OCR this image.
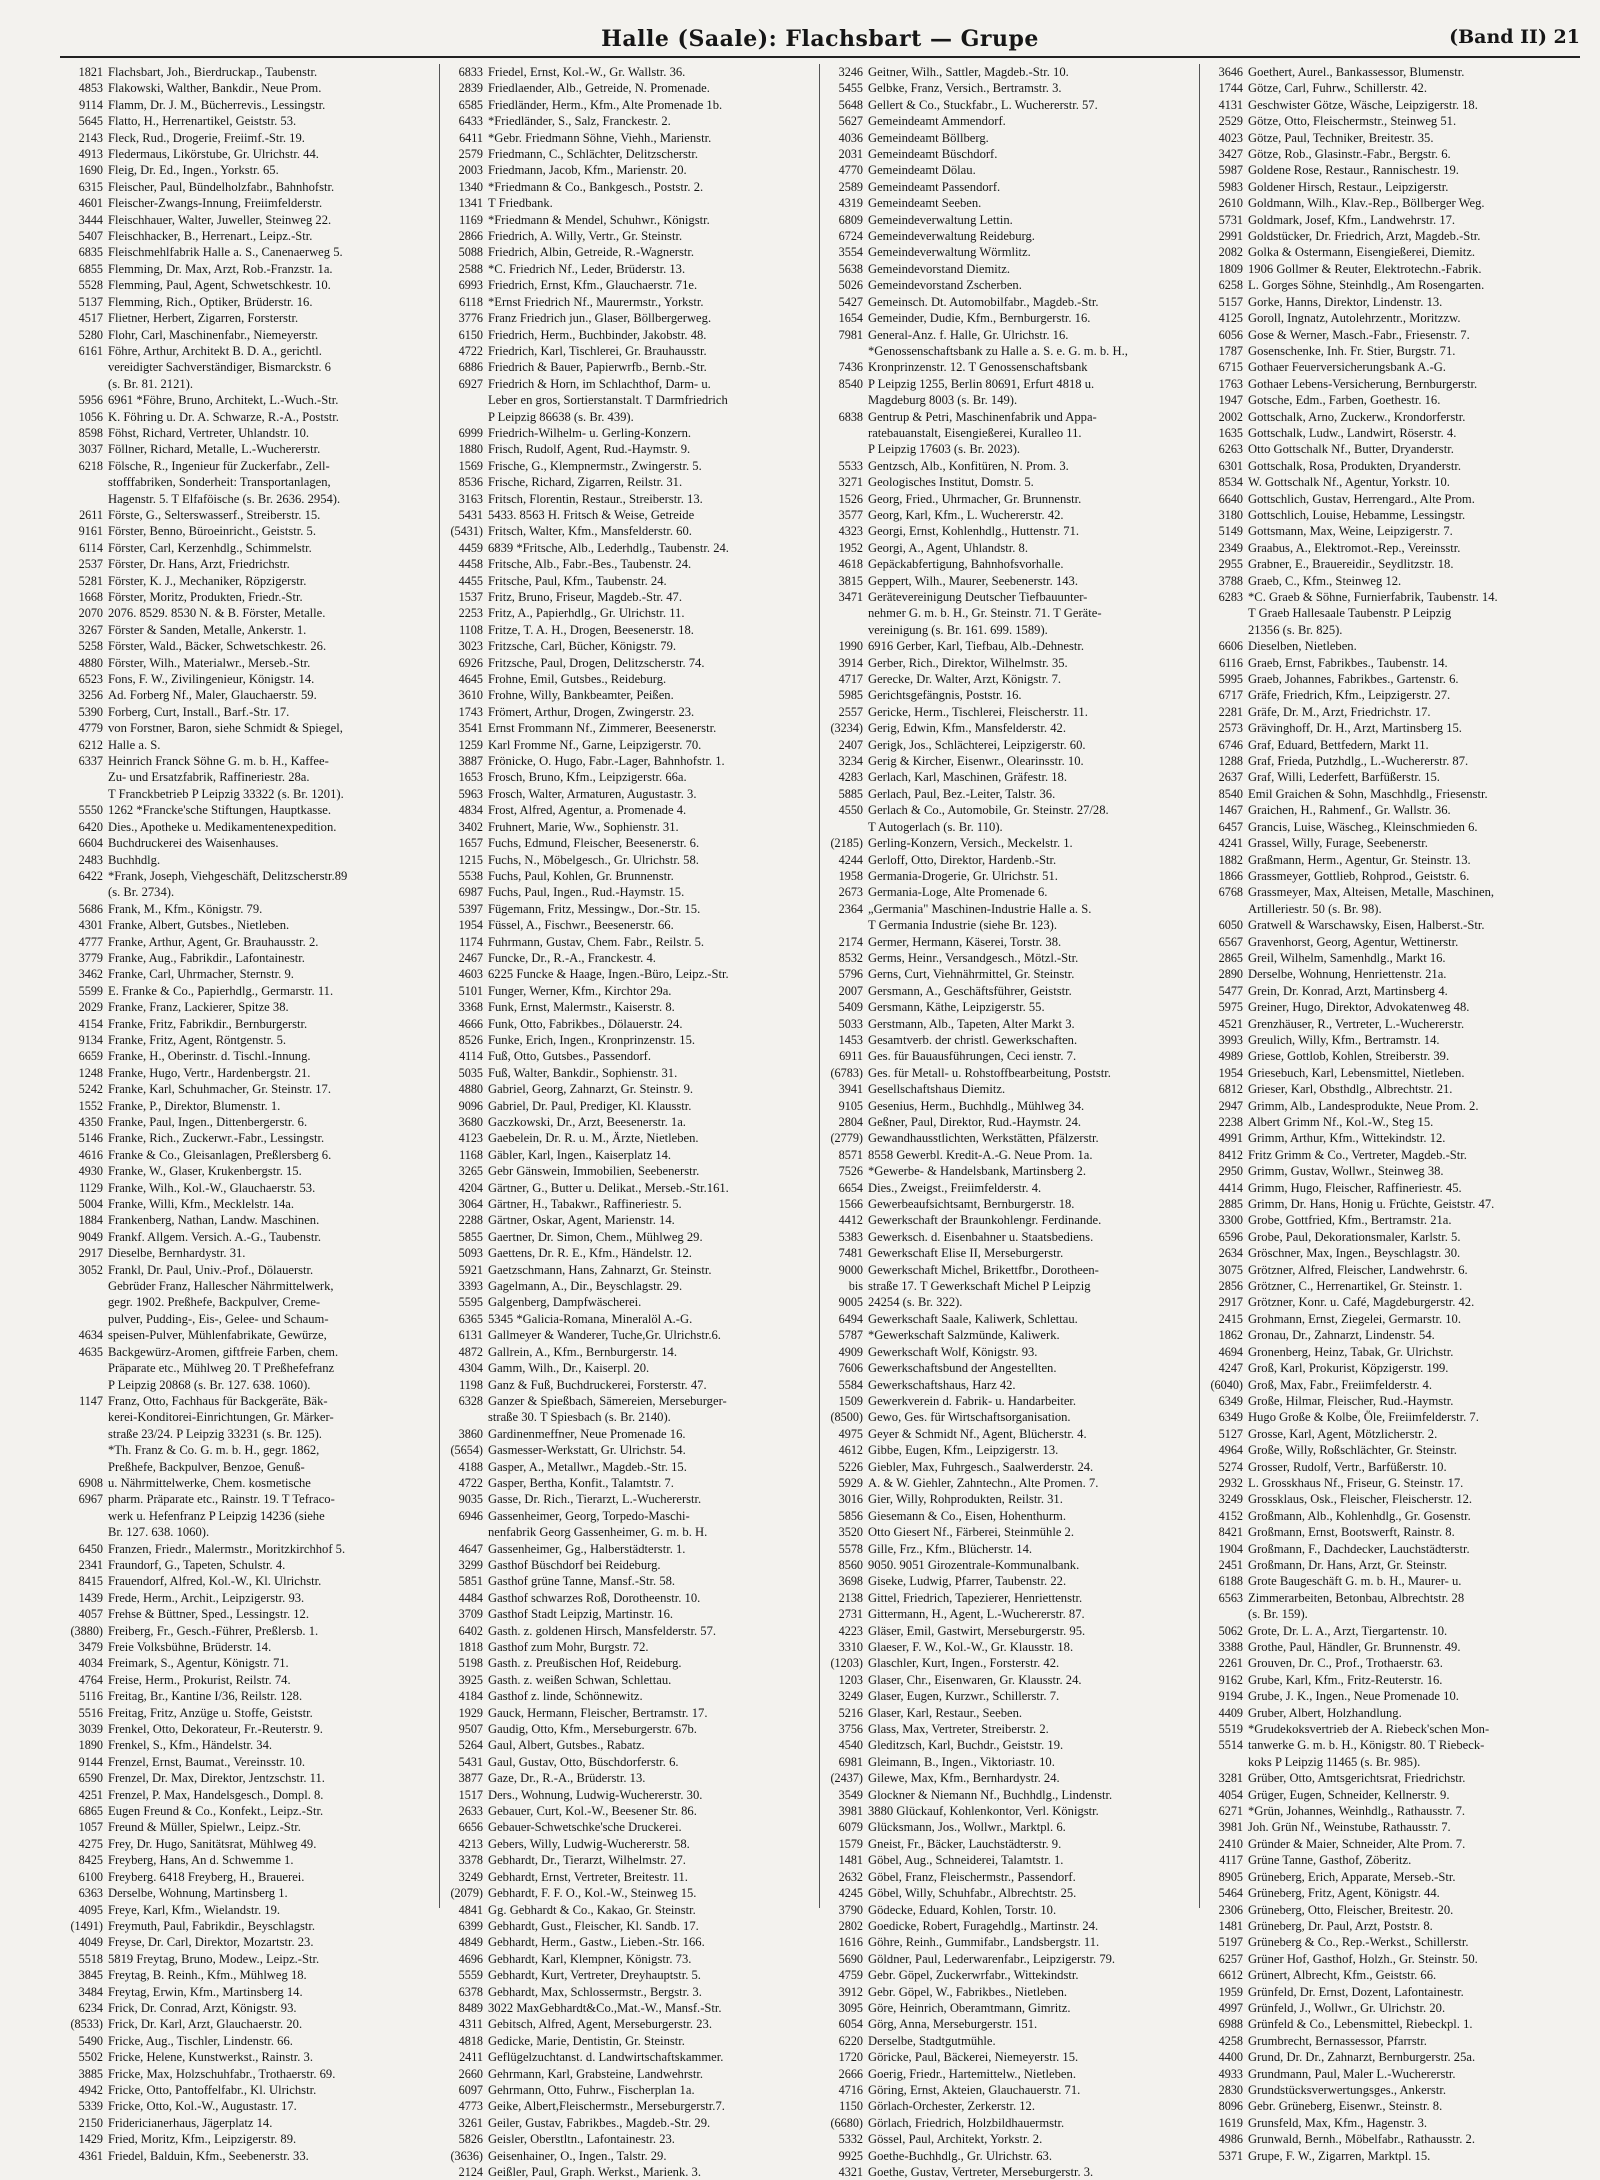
Halle (Saale): Flachsbart — Grupe	(Band II) 21
1821 Flachsbart, Joh., Bierdruckap., Taubenstr.
4853 Flakowski, Walther, Bankdir., Neue Prom.
9114 Flamm, Dr. J. M., Bücherrevis., Lessingstr.
5645 Flatto, H., Herrenartikel, Geiststr. 53.
2143 Fleck, Rud., Drogerie, Freiimf.-Str. 19.
4913 Fledermaus, Likörstube, Gr. Ulrichstr. 44.
1690 Fleig, Dr. Ed., Ingen., Yorkstr. 65.
6315 Fleischer, Paul, Bündelholzfabr., Bahnhofstr.
4601 Fleischer-Zwangs-Innung, Freiimfelderstr.
3444 Fleischhauer, Walter, Juweller, Steinweg 22.
5407 Fleischhacker, B., Herrenart., Leipz.-Str.
6835 Fleischmehlfabrik Halle a. S., Canenaerweg 5.
6855 Flemming, Dr. Max, Arzt, Rob.-Franzstr. 1a.
5528 Flemming, Paul, Agent, Schwetschkestr. 10.
5137 Flemming, Rich., Optiker, Brüderstr. 16.
4517 Flietner, Herbert, Zigarren, Forsterstr.
5280 Flohr, Carl, Maschinenfabr., Niemeyerstr.
6161 Föhre, Arthur, Architekt B. D. A., gerichtl.
vereidigter Sachverständiger, Bismarckstr. 6
(s. Br. 81. 2121).
5956 6961 *Föhre, Bruno, Architekt, L.-Wuch.-Str.
1056 K. Föhring u. Dr. A. Schwarze, R.-A., Poststr.
8598 Föhst, Richard, Vertreter, Uhlandstr. 10.
3037 Föllner, Richard, Metalle, L.-Wuchererstr.
6218 Fölsche, R., Ingenieur für Zuckerfabr., Zell-
stofffabriken, Sonderheit: Transportanlagen,
Hagenstr. 5. T Elfaföische (s. Br. 2636. 2954).
2611 Förste, G., Selterswasserf., Streiberstr. 15.
9161 Förster, Benno, Büroeinricht., Geiststr. 5.
6114 Förster, Carl, Kerzenhdlg., Schimmelstr.
2537 Förster, Dr. Hans, Arzt, Friedrichstr.
5281 Förster, K. J., Mechaniker, Röpzigerstr.
1668 Förster, Moritz, Produkten, Friedr.-Str.
2070 2076. 8529. 8530 N. & B. Förster, Metalle.
3267 Förster & Sanden, Metalle, Ankerstr. 1.
5258 Förster, Wald., Bäcker, Schwetschkestr. 26.
4880 Förster, Wilh., Materialwr., Merseb.-Str.
6523 Fons, F. W., Zivilingenieur, Königstr. 14.
3256 Ad. Forberg Nf., Maler, Glauchaerstr. 59.
5390 Forberg, Curt, Install., Barf.-Str. 17.
4779 von Forstner, Baron, siehe Schmidt & Spiegel,
6212 Halle a. S.
6337 Heinrich Franck Söhne G. m. b. H., Kaffee-
Zu- und Ersatzfabrik, Raffineriestr. 28a.
T Franckbetrieb P Leipzig 33322 (s. Br. 1201).
5550 1262 *Francke'sche Stiftungen, Hauptkasse.
6420 Dies., Apotheke u. Medikamentenexpedition.
6604 Buchdruckerei des Waisenhauses.
2483 Buchhdlg.
6422 *Frank, Joseph, Viehgeschäft, Delitzscherstr.89
(s. Br. 2734).
5686 Frank, M., Kfm., Königstr. 79.
4301 Franke, Albert, Gutsbes., Nietleben.
4777 Franke, Arthur, Agent, Gr. Brauhausstr. 2.
3779 Franke, Aug., Fabrikdir., Lafontainestr.
3462 Franke, Carl, Uhrmacher, Sternstr. 9.
5599 E. Franke & Co., Papierhdlg., Germarstr. 11.
2029 Franke, Franz, Lackierer, Spitze 38.
4154 Franke, Fritz, Fabrikdir., Bernburgerstr.
9134 Franke, Fritz, Agent, Röntgenstr. 5.
6659 Franke, H., Oberinstr. d. Tischl.-Innung.
1248 Franke, Hugo, Vertr., Hardenbergstr. 21.
5242 Franke, Karl, Schuhmacher, Gr. Steinstr. 17.
1552 Franke, P., Direktor, Blumenstr. 1.
4350 Franke, Paul, Ingen., Dittenbergerstr. 6.
5146 Franke, Rich., Zuckerwr.-Fabr., Lessingstr.
4616 Franke & Co., Gleisanlagen, Preßlersberg 6.
4930 Franke, W., Glaser, Krukenbergstr. 15.
1129 Franke, Wilh., Kol.-W., Glauchaerstr. 53.
5004 Franke, Willi, Kfm., Mecklelstr. 14a.
1884 Frankenberg, Nathan, Landw. Maschinen.
9049 Frankf. Allgem. Versich. A.-G., Taubenstr.
2917 Dieselbe, Bernhardystr. 31.
3052 Frankl, Dr. Paul, Univ.-Prof., Dölauerstr.
Gebrüder Franz, Hallescher Nährmittelwerk,
gegr. 1902. Preßhefe, Backpulver, Creme-
pulver, Pudding-, Eis-, Gelee- und Schaum-
4634 speisen-Pulver, Mühlenfabrikate, Gewürze,
4635 Backgewürz-Aromen, giftfreie Farben, chem.
Präparate etc., Mühlweg 20. T Preßhefefranz
P Leipzig 20868 (s. Br. 127. 638. 1060).
1147 Franz, Otto, Fachhaus für Backgeräte, Bäk-
kerei-Konditorei-Einrichtungen, Gr. Märker-
straße 23/24. P Leipzig 33231 (s. Br. 125).
*Th. Franz & Co. G. m. b. H., gegr. 1862,
Preßhefe, Backpulver, Benzoe, Genuß-
6908 u. Nährmittelwerke, Chem. kosmetische
6967 pharm. Präparate etc., Rainstr. 19. T Tefraco-
werk u. Hefenfranz P Leipzig 14236 (siehe
Br. 127. 638. 1060).
6450 Franzen, Friedr., Malermstr., Moritzkirchhof 5.
2341 Fraundorf, G., Tapeten, Schulstr. 4.
8415 Frauendorf, Alfred, Kol.-W., Kl. Ulrichstr.
1439 Frede, Herm., Archit., Leipzigerstr. 93.
4057 Frehse & Büttner, Sped., Lessingstr. 12.
(3880) Freiberg, Fr., Gesch.-Führer, Preßlersb. 1.
3479 Freie Volksbühne, Brüderstr. 14.
4034 Freimark, S., Agentur, Königstr. 71.
4764 Freise, Herm., Prokurist, Reilstr. 74.
5116 Freitag, Br., Kantine I/36, Reilstr. 128.
5516 Freitag, Fritz, Anzüge u. Stoffe, Geiststr.
3039 Frenkel, Otto, Dekorateur, Fr.-Reuterstr. 9.
1890 Frenkel, S., Kfm., Händelstr. 34.
9144 Frenzel, Ernst, Baumat., Vereinsstr. 10.
6590 Frenzel, Dr. Max, Direktor, Jentzschstr. 11.
4251 Frenzel, P. Max, Handelsgesch., Dompl. 8.
6865 Eugen Freund & Co., Konfekt., Leipz.-Str.
1057 Freund & Müller, Spielwr., Leipz.-Str.
4275 Frey, Dr. Hugo, Sanitätsrat, Mühlweg 49.
8425 Freyberg, Hans, An d. Schwemme 1.
6100 Freyberg. 6418 Freyberg, H., Brauerei.
6363 Derselbe, Wohnung, Martinsberg 1.
4095 Freye, Karl, Kfm., Wielandstr. 19.
(1491) Freymuth, Paul, Fabrikdir., Beyschlagstr.
4049 Freyse, Dr. Carl, Direktor, Mozartstr. 23.
5518 5819 Freytag, Bruno, Modew., Leipz.-Str.
3845 Freytag, B. Reinh., Kfm., Mühlweg 18.
3484 Freytag, Erwin, Kfm., Martinsberg 14.
6234 Frick, Dr. Conrad, Arzt, Königstr. 93.
(8533) Frick, Dr. Karl, Arzt, Glauchaerstr. 20.
5490 Fricke, Aug., Tischler, Lindenstr. 66.
5502 Fricke, Helene, Kunstwerkst., Rainstr. 3.
3885 Fricke, Max, Holzschuhfabr., Trothaerstr. 69.
4942 Fricke, Otto, Pantoffelfabr., Kl. Ulrichstr.
5339 Fricke, Otto, Kol.-W., Augustastr. 17.
2150 Fridericianerhaus, Jägerplatz 14.
1429 Fried, Moritz, Kfm., Leipzigerstr. 89.
4361 Friedel, Balduin, Kfm., Seebenerstr. 33.
6833 Friedel, Ernst, Kol.-W., Gr. Wallstr. 36.
2839 Friedlaender, Alb., Getreide, N. Promenade.
6585 Friedländer, Herm., Kfm., Alte Promenade 1b.
6433 *Friedländer, S., Salz, Franckestr. 2.
6411 *Gebr. Friedmann Söhne, Viehh., Marienstr.
2579 Friedmann, C., Schlächter, Delitzscherstr.
2003 Friedmann, Jacob, Kfm., Marienstr. 20.
1340 *Friedmann & Co., Bankgesch., Poststr. 2.
1341 T Friedbank.
1169 *Friedmann & Mendel, Schuhwr., Königstr.
2866 Friedrich, A. Willy, Vertr., Gr. Steinstr.
5088 Friedrich, Albin, Getreide, R.-Wagnerstr.
2588 *C. Friedrich Nf., Leder, Brüderstr. 13.
6993 Friedrich, Ernst, Kfm., Glauchaerstr. 71e.
6118 *Ernst Friedrich Nf., Maurermstr., Yorkstr.
3776 Franz Friedrich jun., Glaser, Böllbergerweg.
6150 Friedrich, Herm., Buchbinder, Jakobstr. 48.
4722 Friedrich, Karl, Tischlerei, Gr. Brauhausstr.
6886 Friedrich & Bauer, Papierwrfb., Bernb.-Str.
6927 Friedrich & Horn, im Schlachthof, Darm- u.
Leber en gros, Sortierstanstalt. T Darmfriedrich
P Leipzig 86638 (s. Br. 439).
6999 Friedrich-Wilhelm- u. Gerling-Konzern.
1880 Frisch, Rudolf, Agent, Rud.-Haymstr. 9.
1569 Frische, G., Klempnermstr., Zwingerstr. 5.
8536 Frische, Richard, Zigarren, Reilstr. 31.
3163 Fritsch, Florentin, Restaur., Streiberstr. 13.
5431 5433. 8563 H. Fritsch & Weise, Getreide
(5431) Fritsch, Walter, Kfm., Mansfelderstr. 60.
4459 6839 *Fritsche, Alb., Lederhdlg., Taubenstr. 24.
4458 Fritsche, Alb., Fabr.-Bes., Taubenstr. 24.
4455 Fritsche, Paul, Kfm., Taubenstr. 24.
1537 Fritz, Bruno, Friseur, Magdeb.-Str. 47.
2253 Fritz, A., Papierhdlg., Gr. Ulrichstr. 11.
1108 Fritze, T. A. H., Drogen, Beesenerstr. 18.
3023 Fritzsche, Carl, Bücher, Königstr. 79.
6926 Fritzsche, Paul, Drogen, Delitzscherstr. 74.
4645 Frohne, Emil, Gutsbes., Reideburg.
3610 Frohne, Willy, Bankbeamter, Peißen.
1743 Frömert, Arthur, Drogen, Zwingerstr. 23.
3541 Ernst Frommann Nf., Zimmerer, Beesenerstr.
1259 Karl Fromme Nf., Garne, Leipzigerstr. 70.
3887 Frönicke, O. Hugo, Fabr.-Lager, Bahnhofstr. 1.
1653 Frosch, Bruno, Kfm., Leipzigerstr. 66a.
5963 Frosch, Walter, Armaturen, Augustastr. 3.
4834 Frost, Alfred, Agentur, a. Promenade 4.
3402 Fruhnert, Marie, Ww., Sophienstr. 31.
1657 Fuchs, Edmund, Fleischer, Beesenerstr. 6.
1215 Fuchs, N., Möbelgesch., Gr. Ulrichstr. 58.
5538 Fuchs, Paul, Kohlen, Gr. Brunnenstr.
6987 Fuchs, Paul, Ingen., Rud.-Haymstr. 15.
5397 Fügemann, Fritz, Messingw., Dor.-Str. 15.
1954 Füssel, A., Fischwr., Beesenerstr. 66.
1174 Fuhrmann, Gustav, Chem. Fabr., Reilstr. 5.
2467 Funcke, Dr., R.-A., Franckestr. 4.
4603 6225 Funcke & Haage, Ingen.-Büro, Leipz.-Str.
5101 Funger, Werner, Kfm., Kirchtor 29a.
3368 Funk, Ernst, Malermstr., Kaiserstr. 8.
4666 Funk, Otto, Fabrikbes., Dölauerstr. 24.
8526 Funke, Erich, Ingen., Kronprinzenstr. 15.
4114 Fuß, Otto, Gutsbes., Passendorf.
5035 Fuß, Walter, Bankdir., Sophienstr. 31.
4880 Gabriel, Georg, Zahnarzt, Gr. Steinstr. 9.
9096 Gabriel, Dr. Paul, Prediger, Kl. Klausstr.
3680 Gaczkowski, Dr., Arzt, Beesenerstr. 1a.
4123 Gaebelein, Dr. R. u. M., Ärzte, Nietleben.
1168 Gäbler, Karl, Ingen., Kaiserplatz 14.
3265 Gebr Gänswein, Immobilien, Seebenerstr.
4204 Gärtner, G., Butter u. Delikat., Merseb.-Str.161.
3064 Gärtner, H., Tabakwr., Raffineriestr. 5.
2288 Gärtner, Oskar, Agent, Marienstr. 14.
5855 Gaertner, Dr. Simon, Chem., Mühlweg 29.
5093 Gaettens, Dr. R. E., Kfm., Händelstr. 12.
5921 Gaetzschmann, Hans, Zahnarzt, Gr. Steinstr.
3393 Gagelmann, A., Dir., Beyschlagstr. 29.
5595 Galgenberg, Dampfwäscherei.
6365 5345 *Galicia-Romana, Mineralöl A.-G.
6131 Gallmeyer & Wanderer, Tuche,Gr. Ulrichstr.6.
4872 Gallrein, A., Kfm., Bernburgerstr. 14.
4304 Gamm, Wilh., Dr., Kaiserpl. 20.
1198 Ganz & Fuß, Buchdruckerei, Forsterstr. 47.
6328 Ganzer & Spießbach, Sämereien, Merseburger-
straße 30. T Spiesbach (s. Br. 2140).
3860 Gardinenmeffner, Neue Promenade 16.
(5654) Gasmesser-Werkstatt, Gr. Ulrichstr. 54.
4188 Gasper, A., Metallwr., Magdeb.-Str. 15.
4722 Gasper, Bertha, Konfit., Talamtstr. 7.
9035 Gasse, Dr. Rich., Tierarzt, L.-Wuchererstr.
6946 Gassenheimer, Georg, Torpedo-Maschi-
nenfabrik Georg Gassenheimer, G. m. b. H.
4647 Gassenheimer, Gg., Halberstädterstr. 1.
3299 Gasthof Büschdorf bei Reideburg.
5851 Gasthof grüne Tanne, Mansf.-Str. 58.
4484 Gasthof schwarzes Roß, Dorotheenstr. 10.
3709 Gasthof Stadt Leipzig, Martinstr. 16.
6402 Gasth. z. goldenen Hirsch, Mansfelderstr. 57.
1818 Gasthof zum Mohr, Burgstr. 72.
5198 Gasth. z. Preußischen Hof, Reideburg.
3925 Gasth. z. weißen Schwan, Schlettau.
4184 Gasthof z. linde, Schönnewitz.
1929 Gauck, Hermann, Fleischer, Bertramstr. 17.
9507 Gaudig, Otto, Kfm., Merseburgerstr. 67b.
5264 Gaul, Albert, Gutsbes., Rabatz.
5431 Gaul, Gustav, Otto, Büschdorferstr. 6.
3877 Gaze, Dr., R.-A., Brüderstr. 13.
1517 Ders., Wohnung, Ludwig-Wuchererstr. 30.
2633 Gebauer, Curt, Kol.-W., Beesener Str. 86.
6656 Gebauer-Schwetschke'sche Druckerei.
4213 Gebers, Willy, Ludwig-Wuchererstr. 58.
3378 Gebhardt, Dr., Tierarzt, Wilhelmstr. 27.
3249 Gebhardt, Ernst, Vertreter, Breitestr. 11.
(2079) Gebhardt, F. F. O., Kol.-W., Steinweg 15.
4841 Gg. Gebhardt & Co., Kakao, Gr. Steinstr.
6399 Gebhardt, Gust., Fleischer, Kl. Sandb. 17.
4849 Gebhardt, Herm., Gastw., Lieben.-Str. 166.
4696 Gebhardt, Karl, Klempner, Königstr. 73.
5559 Gebhardt, Kurt, Vertreter, Dreyhauptstr. 5.
6378 Gebhardt, Max, Schlossermstr., Bergstr. 3.
8489 3022 MaxGebhardt&Co.,Mat.-W., Mansf.-Str.
4311 Gebitsch, Alfred, Agent, Merseburgerstr. 23.
4818 Gedicke, Marie, Dentistin, Gr. Steinstr.
2411 Geflügelzuchtanst. d. Landwirtschaftskammer.
2660 Gehrmann, Karl, Grabsteine, Landwehrstr.
6097 Gehrmann, Otto, Fuhrw., Fischerplan 1a.
4773 Geike, Albert,Fleischermstr., Merseburgerstr.7.
3261 Geiler, Gustav, Fabrikbes., Magdeb.-Str. 29.
5826 Geisler, Oberstltn., Lafontainestr. 23.
(3636) Geisenhainer, O., Ingen., Talstr. 29.
2124 Geißler, Paul, Graph. Werkst., Marienk. 3.
3246 Geitner, Wilh., Sattler, Magdeb.-Str. 10.
5455 Gelbke, Franz, Versich., Bertramstr. 3.
5648 Gellert & Co., Stuckfabr., L. Wuchererstr. 57.
5627 Gemeindeamt Ammendorf.
4036 Gemeindeamt Böllberg.
2031 Gemeindeamt Büschdorf.
4770 Gemeindeamt Dölau.
2589 Gemeindeamt Passendorf.
4319 Gemeindeamt Seeben.
6809 Gemeindeverwaltung Lettin.
6724 Gemeindeverwaltung Reideburg.
3554 Gemeindeverwaltung Wörmlitz.
5638 Gemeindevorstand Diemitz.
5026 Gemeindevorstand Zscherben.
5427 Gemeinsch. Dt. Automobilfabr., Magdeb.-Str.
1654 Gemeinder, Dudie, Kfm., Bernburgerstr. 16.
7981 General-Anz. f. Halle, Gr. Ulrichstr. 16.
*Genossenschaftsbank zu Halle a. S. e. G. m. b. H.,
7436 Kronprinzenstr. 12. T Genossenschaftsbank
8540 P Leipzig 1255, Berlin 80691, Erfurt 4818 u.
Magdeburg 8003 (s. Br. 149).
6838 Gentrup & Petri, Maschinenfabrik und Appa-
ratebauanstalt, Eisengießerei, Kuralleo 11.
P Leipzig 17603 (s. Br. 2023).
5533 Gentzsch, Alb., Konfitüren, N. Prom. 3.
3271 Geologisches Institut, Domstr. 5.
1526 Georg, Fried., Uhrmacher, Gr. Brunnenstr.
3577 Georg, Karl, Kfm., L. Wuchererstr. 42.
4323 Georgi, Ernst, Kohlenhdlg., Huttenstr. 71.
1952 Georgi, A., Agent, Uhlandstr. 8.
4618 Gepäckabfertigung, Bahnhofsvorhalle.
3815 Geppert, Wilh., Maurer, Seebenerstr. 143.
3471 Gerätevereinigung Deutscher Tiefbauunter-
nehmer G. m. b. H., Gr. Steinstr. 71. T Geräte-
vereinigung (s. Br. 161. 699. 1589).
1990 6916 Gerber, Karl, Tiefbau, Alb.-Dehnestr.
3914 Gerber, Rich., Direktor, Wilhelmstr. 35.
4717 Gerecke, Dr. Walter, Arzt, Königstr. 7.
5985 Gerichtsgefängnis, Poststr. 16.
2557 Gericke, Herm., Tischlerei, Fleischerstr. 11.
(3234) Gerig, Edwin, Kfm., Mansfelderstr. 42.
2407 Gerigk, Jos., Schlächterei, Leipzigerstr. 60.
3234 Gerig & Kircher, Eisenwr., Olearinsstr. 10.
4283 Gerlach, Karl, Maschinen, Gräfestr. 18.
5885 Gerlach, Paul, Bez.-Leiter, Talstr. 36.
4550 Gerlach & Co., Automobile, Gr. Steinstr. 27/28.
T Autogerlach (s. Br. 110).
(2185) Gerling-Konzern, Versich., Meckelstr. 1.
4244 Gerloff, Otto, Direktor, Hardenb.-Str.
1958 Germania-Drogerie, Gr. Ulrichstr. 51.
2673 Germania-Loge, Alte Promenade 6.
2364 „Germania" Maschinen-Industrie Halle a. S.
T Germania Industrie (siehe Br. 123).
2174 Germer, Hermann, Käserei, Torstr. 38.
8532 Germs, Heinr., Versandgesch., Mötzl.-Str.
5796 Gerns, Curt, Viehnährmittel, Gr. Steinstr.
2007 Gersmann, A., Geschäftsführer, Geiststr.
5409 Gersmann, Käthe, Leipzigerstr. 55.
5033 Gerstmann, Alb., Tapeten, Alter Markt 3.
1453 Gesamtverb. der christl. Gewerkschaften.
6911 Ges. für Bauausführungen, Ceci ienstr. 7.
(6783) Ges. für Metall- u. Rohstoffbearbeitung, Poststr.
3941 Gesellschaftshaus Diemitz.
9105 Gesenius, Herm., Buchhdlg., Mühlweg 34.
2804 Geßner, Paul, Direktor, Rud.-Haymstr. 24.
(2779) Gewandhausstlichten, Werkstätten, Pfälzerstr.
8571 8558 Gewerbl. Kredit-A.-G. Neue Prom. 1a.
7526 *Gewerbe- & Handelsbank, Martinsberg 2.
6654 Dies., Zweigst., Freiimfelderstr. 4.
1566 Gewerbeaufsichtsamt, Bernburgerstr. 18.
4412 Gewerkschaft der Braunkohlengr. Ferdinande.
5383 Gewerksch. d. Eisenbahner u. Staatsbediens.
7481 Gewerkschaft Elise II, Merseburgerstr.
9000 Gewerkschaft Michel, Brikettfbr., Dorotheen-
bis straße 17. T Gewerkschaft Michel P Leipzig
9005 24254 (s. Br. 322).
6494 Gewerkschaft Saale, Kaliwerk, Schlettau.
5787 *Gewerkschaft Salzmünde, Kaliwerk.
4909 Gewerkschaft Wolf, Königstr. 93.
7606 Gewerkschaftsbund der Angestellten.
5584 Gewerkschaftshaus, Harz 42.
1509 Gewerkverein d. Fabrik- u. Handarbeiter.
(8500) Gewo, Ges. für Wirtschaftsorganisation.
4975 Geyer & Schmidt Nf., Agent, Blücherstr. 4.
4612 Gibbe, Eugen, Kfm., Leipzigerstr. 13.
5226 Giebler, Max, Fuhrgesch., Saalwerderstr. 24.
5929 A. & W. Giehler, Zahntechn., Alte Promen. 7.
3016 Gier, Willy, Rohprodukten, Reilstr. 31.
5856 Giesemann & Co., Eisen, Hohenthurm.
3520 Otto Giesert Nf., Färberei, Steinmühle 2.
5578 Gille, Frz., Kfm., Blücherstr. 14.
8560 9050. 9051 Girozentrale-Kommunalbank.
3698 Giseke, Ludwig, Pfarrer, Taubenstr. 22.
2138 Gittel, Friedrich, Tapezierer, Henriettenstr.
2731 Gittermann, H., Agent, L.-Wuchererstr. 87.
4223 Gläser, Emil, Gastwirt, Merseburgerstr. 95.
3310 Glaeser, F. W., Kol.-W., Gr. Klausstr. 18.
(1203) Glaschler, Kurt, Ingen., Forsterstr. 42.
1203 Glaser, Chr., Eisenwaren, Gr. Klausstr. 24.
3249 Glaser, Eugen, Kurzwr., Schillerstr. 7.
5216 Glaser, Karl, Restaur., Seeben.
3756 Glass, Max, Vertreter, Streiberstr. 2.
4540 Gleditzsch, Karl, Buchdr., Geiststr. 19.
6981 Gleimann, B., Ingen., Viktoriastr. 10.
(2437) Gilewe, Max, Kfm., Bernhardystr. 24.
3549 Glockner & Niemann Nf., Buchhdlg., Lindenstr.
3981 3880 Glückauf, Kohlenkontor, Verl. Königstr.
6079 Glücksmann, Jos., Wollwr., Marktpl. 6.
1579 Gneist, Fr., Bäcker, Lauchstädterstr. 9.
1481 Göbel, Aug., Schneiderei, Talamtstr. 1.
2632 Göbel, Franz, Fleischermstr., Passendorf.
4245 Göbel, Willy, Schuhfabr., Albrechtstr. 25.
3790 Gödecke, Eduard, Kohlen, Torstr. 10.
2802 Goedicke, Robert, Furagehdlg., Martinstr. 24.
1616 Göhre, Reinh., Gummifabr., Landsbergstr. 11.
5690 Göldner, Paul, Lederwarenfabr., Leipzigerstr. 79.
4759 Gebr. Göpel, Zuckerwrfabr., Wittekindstr.
3912 Gebr. Göpel, W., Fabrikbes., Nietleben.
3095 Göre, Heinrich, Oberamtmann, Gimritz.
6054 Görg, Anna, Merseburgerstr. 151.
6220 Derselbe, Stadtgutmühle.
1720 Göricke, Paul, Bäckerei, Niemeyerstr. 15.
2666 Goerig, Friedr., Hartemittelw., Nietleben.
4716 Göring, Ernst, Akteien, Glauchauerstr. 71.
1150 Görlach-Orchester, Zerkerstr. 12.
(6680) Görlach, Friedrich, Holzbildhauermstr.
5332 Gössel, Paul, Architekt, Yorkstr. 2.
9925 Goethe-Buchhdlg., Gr. Ulrichstr. 63.
4321 Goethe, Gustav, Vertreter, Merseburgerstr. 3.
3646 Goethert, Aurel., Bankassessor, Blumenstr.
1744 Götze, Carl, Fuhrw., Schillerstr. 42.
4131 Geschwister Götze, Wäsche, Leipzigerstr. 18.
2529 Götze, Otto, Fleischermstr., Steinweg 51.
4023 Götze, Paul, Techniker, Breitestr. 35.
3427 Götze, Rob., Glasinstr.-Fabr., Bergstr. 6.
5987 Goldene Rose, Restaur., Rannischestr. 19.
5983 Goldener Hirsch, Restaur., Leipzigerstr.
2610 Goldmann, Wilh., Klav.-Rep., Böllberger Weg.
5731 Goldmark, Josef, Kfm., Landwehrstr. 17.
2991 Goldstücker, Dr. Friedrich, Arzt, Magdeb.-Str.
2082 Golka & Ostermann, Eisengießerei, Diemitz.
1809 1906 Gollmer & Reuter, Elektrotechn.-Fabrik.
6258 L. Gorges Söhne, Steinhdlg., Am Rosengarten.
5157 Gorke, Hanns, Direktor, Lindenstr. 13.
4125 Goroll, Ingnatz, Autolehrzentr., Moritzzw.
6056 Gose & Werner, Masch.-Fabr., Friesenstr. 7.
1787 Gosenschenke, Inh. Fr. Stier, Burgstr. 71.
6715 Gothaer Feuerversicherungsbank A.-G.
1763 Gothaer Lebens-Versicherung, Bernburgerstr.
1947 Gotsche, Edm., Farben, Goethestr. 16.
2002 Gottschalk, Arno, Zuckerw., Krondorferstr.
1635 Gottschalk, Ludw., Landwirt, Röserstr. 4.
6263 Otto Gottschalk Nf., Butter, Dryanderstr.
6301 Gottschalk, Rosa, Produkten, Dryanderstr.
8534 W. Gottschalk Nf., Agentur, Yorkstr. 10.
6640 Gottschlich, Gustav, Herrengard., Alte Prom.
3180 Gottschlich, Louise, Hebamme, Lessingstr.
5149 Gottsmann, Max, Weine, Leipzigerstr. 7.
2349 Graabus, A., Elektromot.-Rep., Vereinsstr.
2955 Grabner, E., Brauereidir., Seydlitzstr. 18.
3788 Graeb, C., Kfm., Steinweg 12.
6283 *C. Graeb & Söhne, Furnierfabrik, Taubenstr. 14.
T Graeb Hallesaale Taubenstr. P Leipzig
21356 (s. Br. 825).
6606 Dieselben, Nietleben.
6116 Graeb, Ernst, Fabrikbes., Taubenstr. 14.
5995 Graeb, Johannes, Fabrikbes., Gartenstr. 6.
6717 Gräfe, Friedrich, Kfm., Leipzigerstr. 27.
2281 Gräfe, Dr. M., Arzt, Friedrichstr. 17.
2573 Grävinghoff, Dr. H., Arzt, Martinsberg 15.
6746 Graf, Eduard, Bettfedern, Markt 11.
1288 Graf, Frieda, Putzhdlg., L.-Wuchererstr. 87.
2637 Graf, Willi, Lederfett, Barfüßerstr. 15.
8540 Emil Graichen & Sohn, Maschhdlg., Friesenstr.
1467 Graichen, H., Rahmenf., Gr. Wallstr. 36.
6457 Grancis, Luise, Wäscheg., Kleinschmieden 6.
4241 Grassel, Willy, Furage, Seebenerstr.
1882 Graßmann, Herm., Agentur, Gr. Steinstr. 13.
1866 Grassmeyer, Gottlieb, Rohprod., Geiststr. 6.
6768 Grassmeyer, Max, Alteisen, Metalle, Maschinen,
Artilleriestr. 50 (s. Br. 98).
6050 Gratwell & Warschawsky, Eisen, Halberst.-Str.
6567 Gravenhorst, Georg, Agentur, Wettinerstr.
2865 Greil, Wilhelm, Samenhdlg., Markt 16.
2890 Derselbe, Wohnung, Henriettenstr. 21a.
5477 Grein, Dr. Konrad, Arzt, Martinsberg 4.
5975 Greiner, Hugo, Direktor, Advokatenweg 48.
4521 Grenzhäuser, R., Vertreter, L.-Wuchererstr.
3993 Greulich, Willy, Kfm., Bertramstr. 14.
4989 Griese, Gottlob, Kohlen, Streiberstr. 39.
1954 Griesebuch, Karl, Lebensmittel, Nietleben.
6812 Grieser, Karl, Obsthdlg., Albrechtstr. 21.
2947 Grimm, Alb., Landesprodukte, Neue Prom. 2.
2238 Albert Grimm Nf., Kol.-W., Steg 15.
4991 Grimm, Arthur, Kfm., Wittekindstr. 12.
8412 Fritz Grimm & Co., Vertreter, Magdeb.-Str.
2950 Grimm, Gustav, Wollwr., Steinweg 38.
4414 Grimm, Hugo, Fleischer, Raffineriestr. 45.
2885 Grimm, Dr. Hans, Honig u. Früchte, Geiststr. 47.
3300 Grobe, Gottfried, Kfm., Bertramstr. 21a.
6596 Grobe, Paul, Dekorationsmaler, Karlstr. 5.
2634 Gröschner, Max, Ingen., Beyschlagstr. 30.
3075 Grötzner, Alfred, Fleischer, Landwehrstr. 6.
2856 Grötzner, C., Herrenartikel, Gr. Steinstr. 1.
2917 Grötzner, Konr. u. Café, Magdeburgerstr. 42.
2415 Grohmann, Ernst, Ziegelei, Germarstr. 10.
1862 Gronau, Dr., Zahnarzt, Lindenstr. 54.
4694 Gronenberg, Heinz, Tabak, Gr. Ulrichstr.
4247 Groß, Karl, Prokurist, Köpzigerstr. 199.
(6040) Groß, Max, Fabr., Freiimfelderstr. 4.
6349 Große, Hilmar, Fleischer, Rud.-Haymstr.
6349 Hugo Große & Kolbe, Öle, Freiimfelderstr. 7.
5127 Grosse, Karl, Agent, Mötzlicherstr. 2.
4964 Große, Willy, Roßschlächter, Gr. Steinstr.
5274 Grosser, Rudolf, Vertr., Barfüßerstr. 10.
2932 L. Grosskhaus Nf., Friseur, G. Steinstr. 17.
3249 Grossklaus, Osk., Fleischer, Fleischerstr. 12.
4152 Großmann, Alb., Kohlenhdlg., Gr. Gosenstr.
8421 Großmann, Ernst, Bootswerft, Rainstr. 8.
1904 Großmann, F., Dachdecker, Lauchstädterstr.
2451 Großmann, Dr. Hans, Arzt, Gr. Steinstr.
6188 Grote Baugeschäft G. m. b. H., Maurer- u.
6563 Zimmerarbeiten, Betonbau, Albrechtstr. 28
(s. Br. 159).
5062 Grote, Dr. L. A., Arzt, Tiergartenstr. 10.
3388 Grothe, Paul, Händler, Gr. Brunnenstr. 49.
2261 Grouven, Dr. C., Prof., Trothaerstr. 63.
9162 Grube, Karl, Kfm., Fritz-Reuterstr. 16.
9194 Grube, J. K., Ingen., Neue Promenade 10.
4409 Gruber, Albert, Holzhandlung.
5519 *Grudekoksvertrieb der A. Riebeck'schen Mon-
5514 tanwerke G. m. b. H., Königstr. 80. T Riebeck-
koks P Leipzig 11465 (s. Br. 985).
3281 Grüber, Otto, Amtsgerichtsrat, Friedrichstr.
4054 Grüger, Eugen, Schneider, Kellnerstr. 9.
6271 *Grün, Johannes, Weinhdlg., Rathausstr. 7.
3981 Joh. Grün Nf., Weinstube, Rathausstr. 7.
2410 Gründer & Maier, Schneider, Alte Prom. 7.
4117 Grüne Tanne, Gasthof, Zöberitz.
8905 Grüneberg, Erich, Apparate, Merseb.-Str.
5464 Grüneberg, Fritz, Agent, Königstr. 44.
2306 Grüneberg, Otto, Fleischer, Breitestr. 20.
1481 Grüneberg, Dr. Paul, Arzt, Poststr. 8.
5197 Grüneberg & Co., Rep.-Werkst., Schillerstr.
6257 Grüner Hof, Gasthof, Holzh., Gr. Steinstr. 50.
6612 Grünert, Albrecht, Kfm., Geiststr. 66.
1959 Grünfeld, Dr. Ernst, Dozent, Lafontainestr.
4997 Grünfeld, J., Wollwr., Gr. Ulrichstr. 20.
6988 Grünfeld & Co., Lebensmittel, Riebeckpl. 1.
4258 Grumbrecht, Bernassessor, Pfarrstr.
4400 Grund, Dr. Dr., Zahnarzt, Bernburgerstr. 25a.
4933 Grundmann, Paul, Maler L.-Wuchererstr.
2830 Grundstücksverwertungsges., Ankerstr.
8096 Gebr. Grüneberg, Eisenwr., Steinstr. 8.
1619 Grunsfeld, Max, Kfm., Hagenstr. 3.
4986 Grunwald, Bernh., Möbelfabr., Rathausstr. 2.
5371 Grupe, F. W., Zigarren, Marktpl. 15.
